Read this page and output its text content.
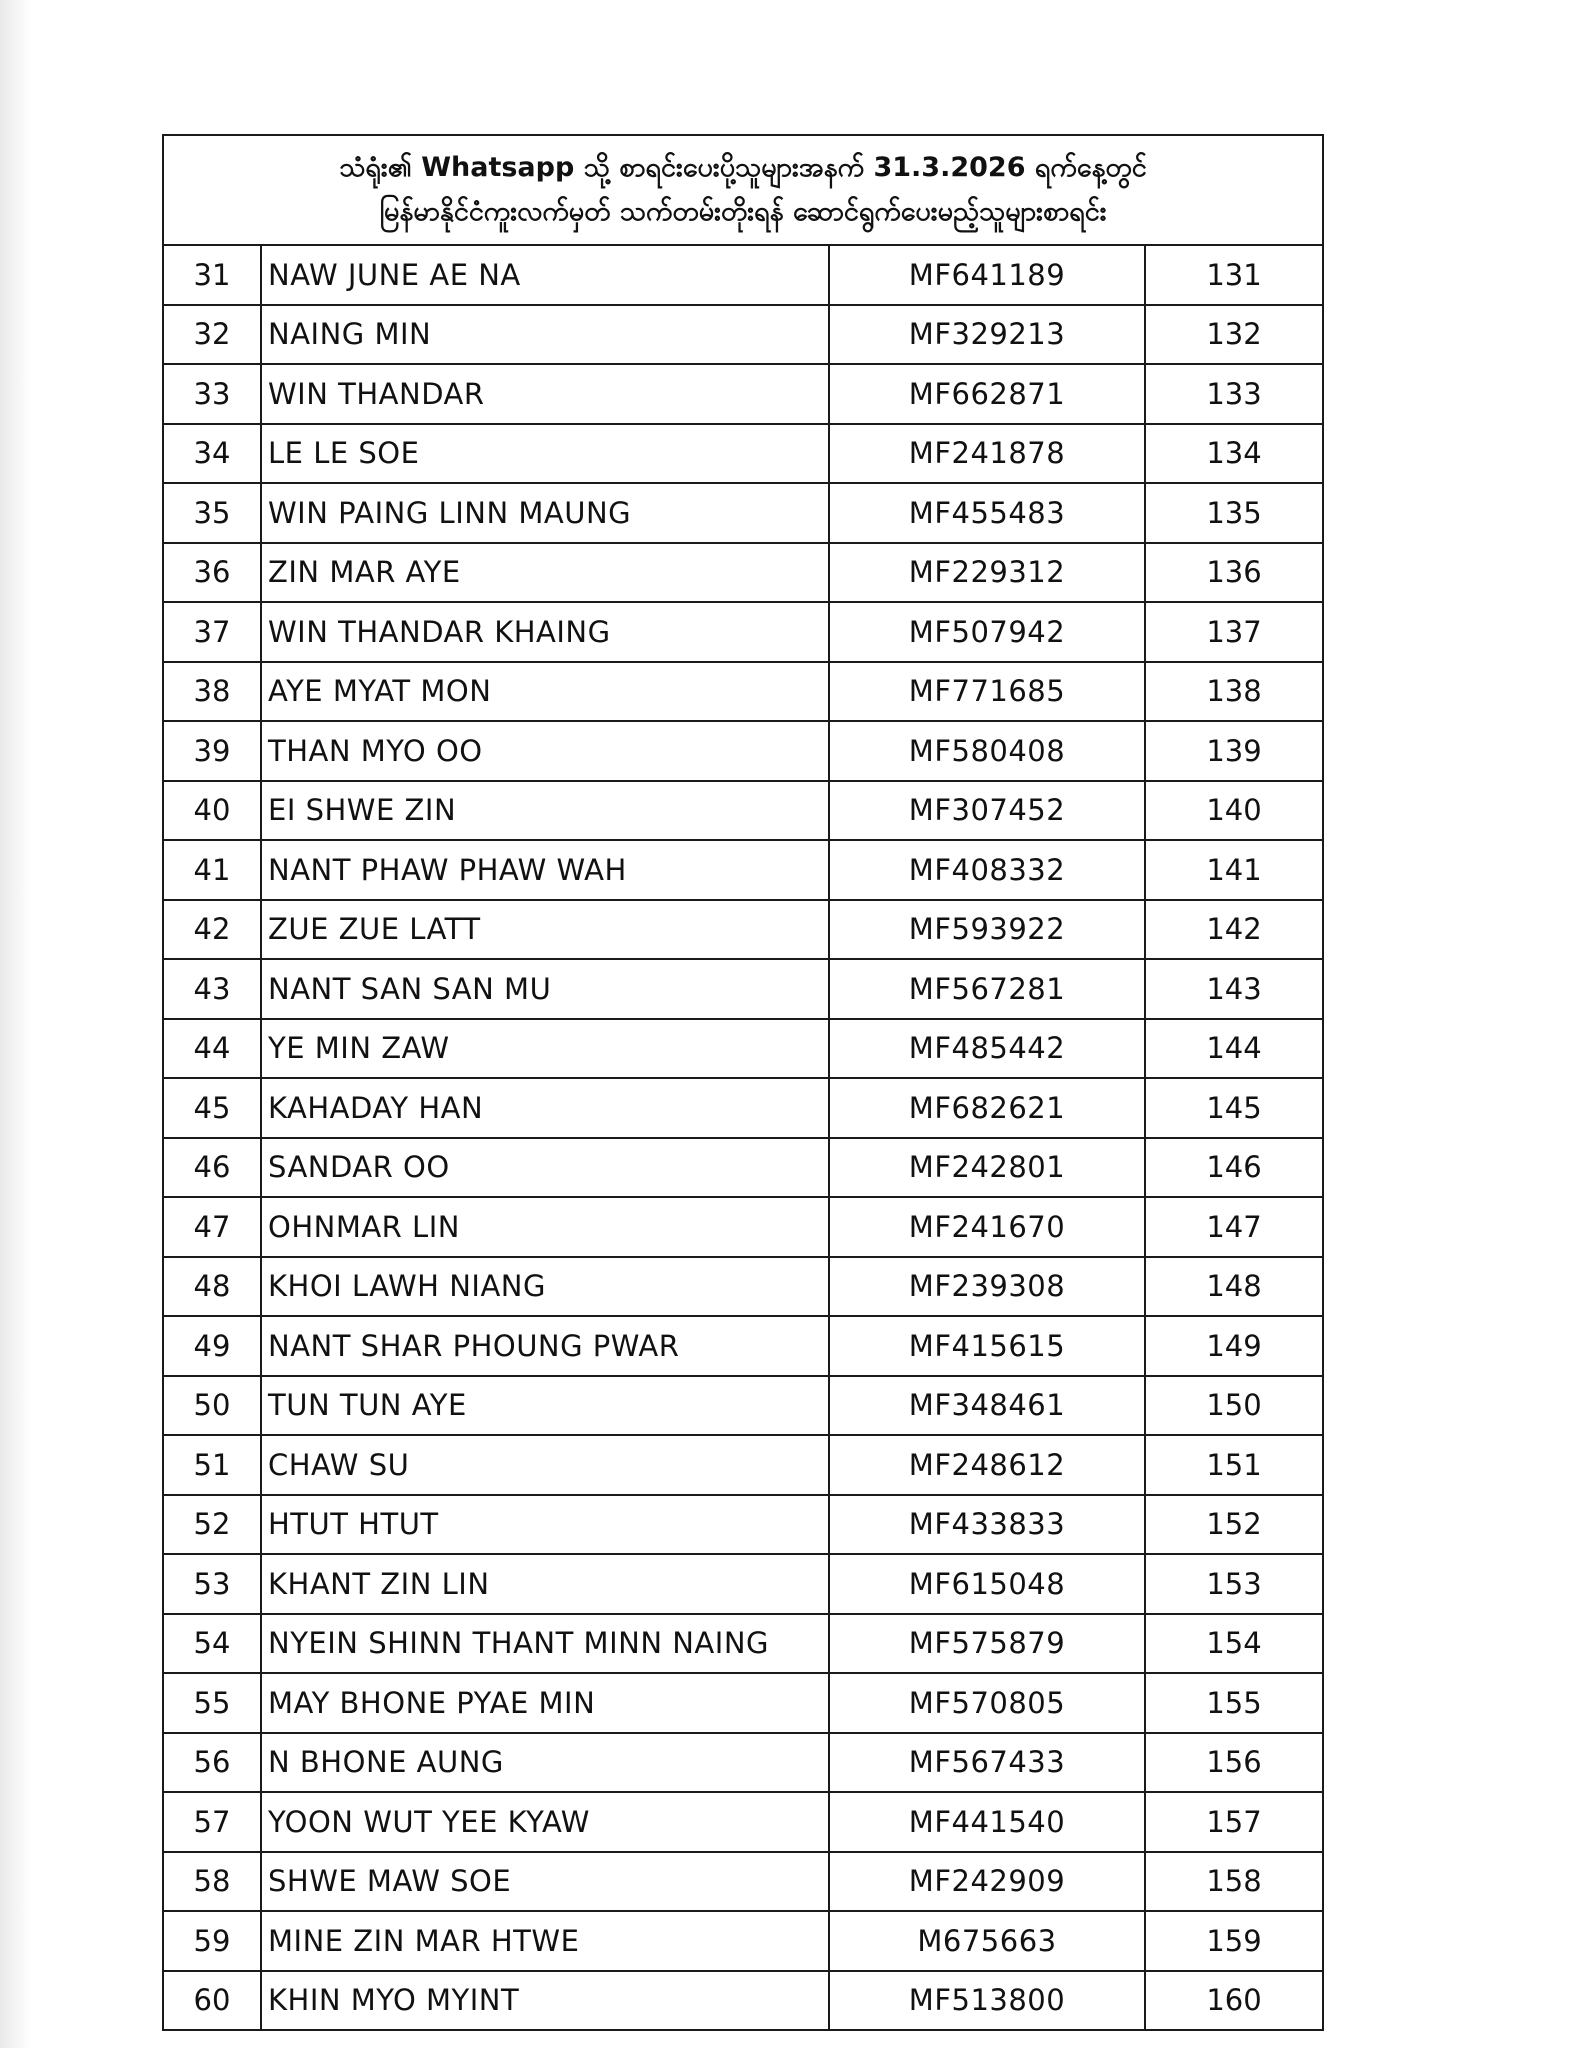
သံရုံး၏ Whatsapp သို့ စာရင်းပေးပို့သူများအနက် 31.3.2026 ရက်နေ့တွင်
မြန်မာနိုင်ငံကူးလက်မှတ် သက်တမ်းတိုးရန် ဆောင်ရွက်ပေးမည့်သူများစာရင်း			

31	NAW JUNE AE NA	MF641189	131
32	NAING MIN	MF329213	132
33	WIN THANDAR	MF662871	133
34	LE LE SOE	MF241878	134
35	WIN PAING LINN MAUNG	MF455483	135
36	ZIN MAR AYE	MF229312	136
37	WIN THANDAR KHAING	MF507942	137
38	AYE MYAT MON	MF771685	138
39	THAN MYO OO	MF580408	139
40	EI SHWE ZIN	MF307452	140
41	NANT PHAW PHAW WAH	MF408332	141
42	ZUE ZUE LATT	MF593922	142
43	NANT SAN SAN MU	MF567281	143
44	YE MIN ZAW	MF485442	144
45	KAHADAY HAN	MF682621	145
46	SANDAR OO	MF242801	146
47	OHNMAR LIN	MF241670	147
48	KHOI LAWH NIANG	MF239308	148
49	NANT SHAR PHOUNG PWAR	MF415615	149
50	TUN TUN AYE	MF348461	150
51	CHAW SU	MF248612	151
52	HTUT HTUT	MF433833	152
53	KHANT ZIN LIN	MF615048	153
54	NYEIN SHINN THANT MINN NAING	MF575879	154
55	MAY BHONE PYAE MIN	MF570805	155
56	N BHONE AUNG	MF567433	156
57	YOON WUT YEE KYAW	MF441540	157
58	SHWE MAW SOE	MF242909	158
59	MINE ZIN MAR HTWE	M675663	159
60	KHIN MYO MYINT	MF513800	160
